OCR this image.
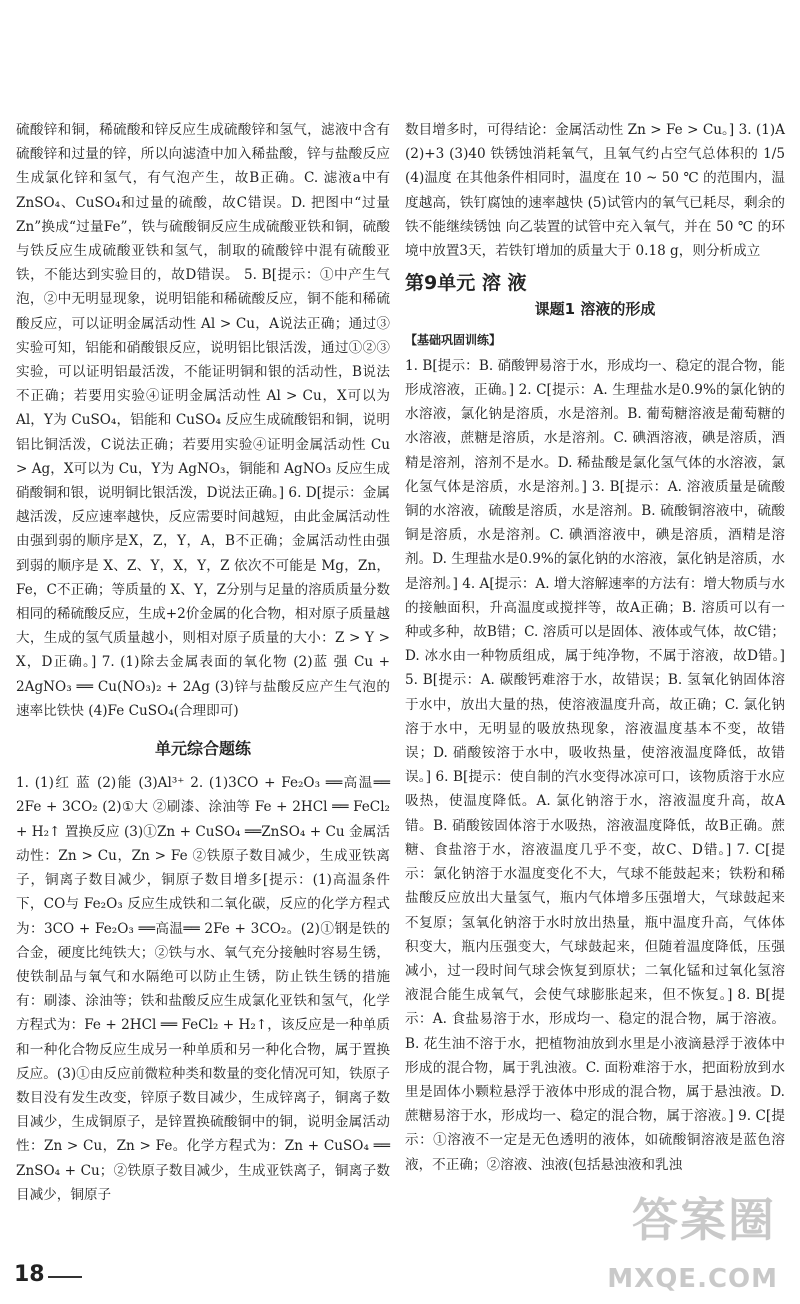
硫酸锌和铜，稀硫酸和锌反应生成硫酸锌和氢气，滤液中含有硫酸锌和过量的锌，所以向滤渣中加入稀盐酸，锌与盐酸反应生成氯化锌和氢气，有气泡产生，故B正确。C. 滤液a中有ZnSO₄、CuSO₄和过量的硫酸，故C错误。D. 把图中“过量Zn”换成“过量Fe”，铁与硫酸铜反应生成硫酸亚铁和铜，硫酸与铁反应生成硫酸亚铁和氢气，制取的硫酸锌中混有硫酸亚铁，不能达到实验目的，故D错误。 5. B[提示：①中产生气泡，②中无明显现象，说明铝能和稀硫酸反应，铜不能和稀硫酸反应，可以证明金属活动性 Al > Cu，A说法正确；通过③实验可知，铝能和硝酸银反应，说明铝比银活泼，通过①②③实验，可以证明铝最活泼，不能证明铜和银的活动性，B说法不正确；若要用实验④证明金属活动性 Al > Cu，X可以为 Al，Y为 CuSO₄，铝能和 CuSO₄ 反应生成硫酸铝和铜，说明铝比铜活泼，C说法正确；若要用实验④证明金属活动性 Cu > Ag，X可以为 Cu，Y为 AgNO₃，铜能和 AgNO₃ 反应生成硝酸铜和银，说明铜比银活泼，D说法正确。] 6. D[提示：金属越活泼，反应速率越快，反应需要时间越短，由此金属活动性由强到弱的顺序是X，Z，Y，A，B不正确；金属活动性由强到弱的顺序是 X、Z、Y，X，Y，Z 依次不可能是 Mg，Zn，Fe，C不正确；等质量的 X、Y，Z分别与足量的溶质质量分数相同的稀硫酸反应，生成+2价金属的化合物，相对原子质量越大，生成的氢气质量越小，则相对原子质量的大小：Z > Y > X，D正确。] 7. (1)除去金属表面的氧化物 (2)蓝 强 Cu + 2AgNO₃ ══ Cu(NO₃)₂ + 2Ag (3)锌与盐酸反应产生气泡的速率比铁快 (4)Fe CuSO₄(合理即可)

单元综合题练

1. (1)红 蓝 (2)能 (3)Al³⁺ 2. (1)3CO + Fe₂O₃ ══高温══ 2Fe + 3CO₂ (2)①大 ②刷漆、涂油等 Fe + 2HCl ══ FeCl₂ + H₂↑ 置换反应 (3)①Zn + CuSO₄ ══ZnSO₄ + Cu 金属活动性：Zn > Cu，Zn > Fe ②铁原子数目减少，生成亚铁离子，铜离子数目减少，铜原子数目增多[提示：(1)高温条件下，CO与 Fe₂O₃ 反应生成铁和二氧化碳，反应的化学方程式为：3CO + Fe₂O₃ ══高温══ 2Fe + 3CO₂。(2)①钢是铁的合金，硬度比纯铁大；②铁与水、氧气充分接触时容易生锈，使铁制品与氧气和水隔绝可以防止生锈，防止铁生锈的措施有：刷漆、涂油等；铁和盐酸反应生成氯化亚铁和氢气，化学方程式为：Fe + 2HCl ══ FeCl₂ + H₂↑，该反应是一种单质和一种化合物反应生成另一种单质和另一种化合物，属于置换反应。(3)①由反应前微粒种类和数量的变化情况可知，铁原子数目没有发生改变，锌原子数目减少，生成锌离子，铜离子数目减少，生成铜原子，是锌置换硫酸铜中的铜，说明金属活动性：Zn > Cu，Zn > Fe。化学方程式为：Zn + CuSO₄ ══ ZnSO₄ + Cu；②铁原子数目减少，生成亚铁离子，铜离子数目减少，铜原子

数目增多时，可得结论：金属活动性 Zn > Fe > Cu。] 3. (1)A (2)+3 (3)40 铁锈蚀消耗氧气，且氧气约占空气总体积的 1/5 (4)温度 在其他条件相同时，温度在 10 ~ 50 ℃ 的范围内，温度越高，铁钉腐蚀的速率越快 (5)试管内的氧气已耗尽，剩余的铁不能继续锈蚀 向乙装置的试管中充入氧气，并在 50 ℃ 的环境中放置3天，若铁钉增加的质量大于 0.18 g，则分析成立

第9单元 溶 液
课题1 溶液的形成
【基础巩固训练】

1. B[提示：B. 硝酸钾易溶于水，形成均一、稳定的混合物，能形成溶液，正确。] 2. C[提示：A. 生理盐水是0.9%的氯化钠的水溶液，氯化钠是溶质，水是溶剂。B. 葡萄糖溶液是葡萄糖的水溶液，蔗糖是溶质，水是溶剂。C. 碘酒溶液，碘是溶质，酒精是溶剂，溶剂不是水。D. 稀盐酸是氯化氢气体的水溶液，氯化氢气体是溶质，水是溶剂。] 3. B[提示：A. 溶液质量是硫酸铜的水溶液，硫酸是溶质，水是溶剂。B. 硫酸铜溶液中，硫酸铜是溶质，水是溶剂。C. 碘酒溶液中，碘是溶质，酒精是溶剂。D. 生理盐水是0.9%的氯化钠的水溶液，氯化钠是溶质，水是溶剂。] 4. A[提示：A. 增大溶解速率的方法有：增大物质与水的接触面积，升高温度或搅拌等，故A正确；B. 溶质可以有一种或多种，故B错；C. 溶质可以是固体、液体或气体，故C错；D. 冰水由一种物质组成，属于纯净物，不属于溶液，故D错。] 5. B[提示：A. 碳酸钙难溶于水，故错误；B. 氢氧化钠固体溶于水中，放出大量的热，使溶液温度升高，故正确；C. 氯化钠溶于水中，无明显的吸放热现象，溶液温度基本不变，故错误；D. 硝酸铵溶于水中，吸收热量，使溶液温度降低，故错误。] 6. B[提示：使自制的汽水变得冰凉可口，该物质溶于水应吸热，使温度降低。A. 氯化钠溶于水，溶液温度升高，故A错。B. 硝酸铵固体溶于水吸热，溶液温度降低，故B正确。蔗糖、食盐溶于水，溶液温度几乎不变，故C、D错。] 7. C[提示：氯化钠溶于水温度变化不大，气球不能鼓起来；铁粉和稀盐酸反应放出大量氢气，瓶内气体增多压强增大，气球鼓起来不复原；氢氧化钠溶于水时放出热量，瓶中温度升高，气体体积变大，瓶内压强变大，气球鼓起来，但随着温度降低，压强减小，过一段时间气球会恢复到原状；二氧化锰和过氧化氢溶液混合能生成氧气，会使气球膨胀起来，但不恢复。] 8. B[提示：A. 食盐易溶于水，形成均一、稳定的混合物，属于溶液。B. 花生油不溶于水，把植物油放到水里是小液滴悬浮于液体中形成的混合物，属于乳浊液。C. 面粉难溶于水，把面粉放到水里是固体小颗粒悬浮于液体中形成的混合物，属于悬浊液。D. 蔗糖易溶于水，形成均一、稳定的混合物，属于溶液。] 9. C[提示：①溶液不一定是无色透明的液体，如硫酸铜溶液是蓝色溶液，不正确；②溶液、浊液(包括悬浊液和乳浊

18
答案圈
MXQE.COM
